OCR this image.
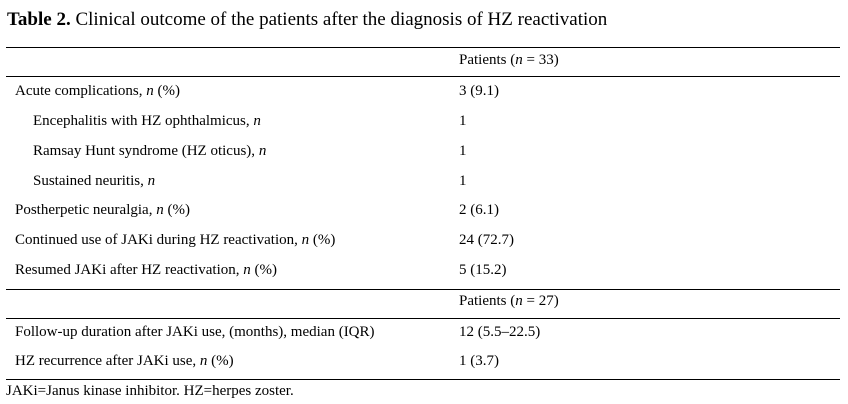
Table 2. Clinical outcome of the patients after the diagnosis of HZ reactivation
Patients (n = 33)
Acute complications, n (%)	3 (9.1)
Encephalitis with HZ ophthalmicus, n	1
Ramsay Hunt syndrome (HZ oticus), n	1
Sustained neuritis, n	1
Postherpetic neuralgia, n (%)	2 (6.1)
Continued use of JAKi during HZ reactivation, n (%)	24 (72.7)
Resumed JAKi after HZ reactivation, n (%)	5 (15.2)
Patients (n = 27)
Follow-up duration after JAKi use, (months), median (IQR)	12 (5.5–22.5)
HZ recurrence after JAKi use, n (%)	1 (3.7)
JAKi=Janus kinase inhibitor. HZ=herpes zoster.
